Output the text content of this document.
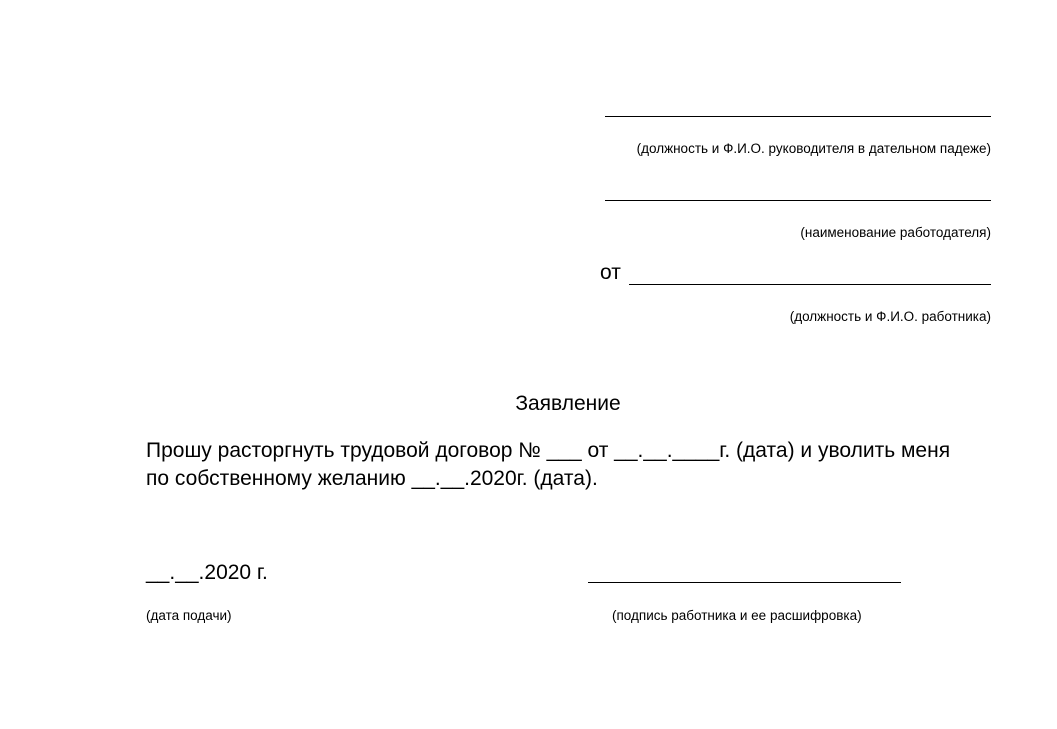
(должность и Ф.И.О. руководителя в дательном падеже)
(наименование работодателя)
от
(должность и Ф.И.О. работника)
Заявление
Прошу расторгнуть трудовой договор № ___ от __.__.____г. (дата) и уволить меня
по собственному желанию __.__.2020г. (дата).
__.__.2020 г.
(дата подачи)	(подпись работника и ее расшифровка)
